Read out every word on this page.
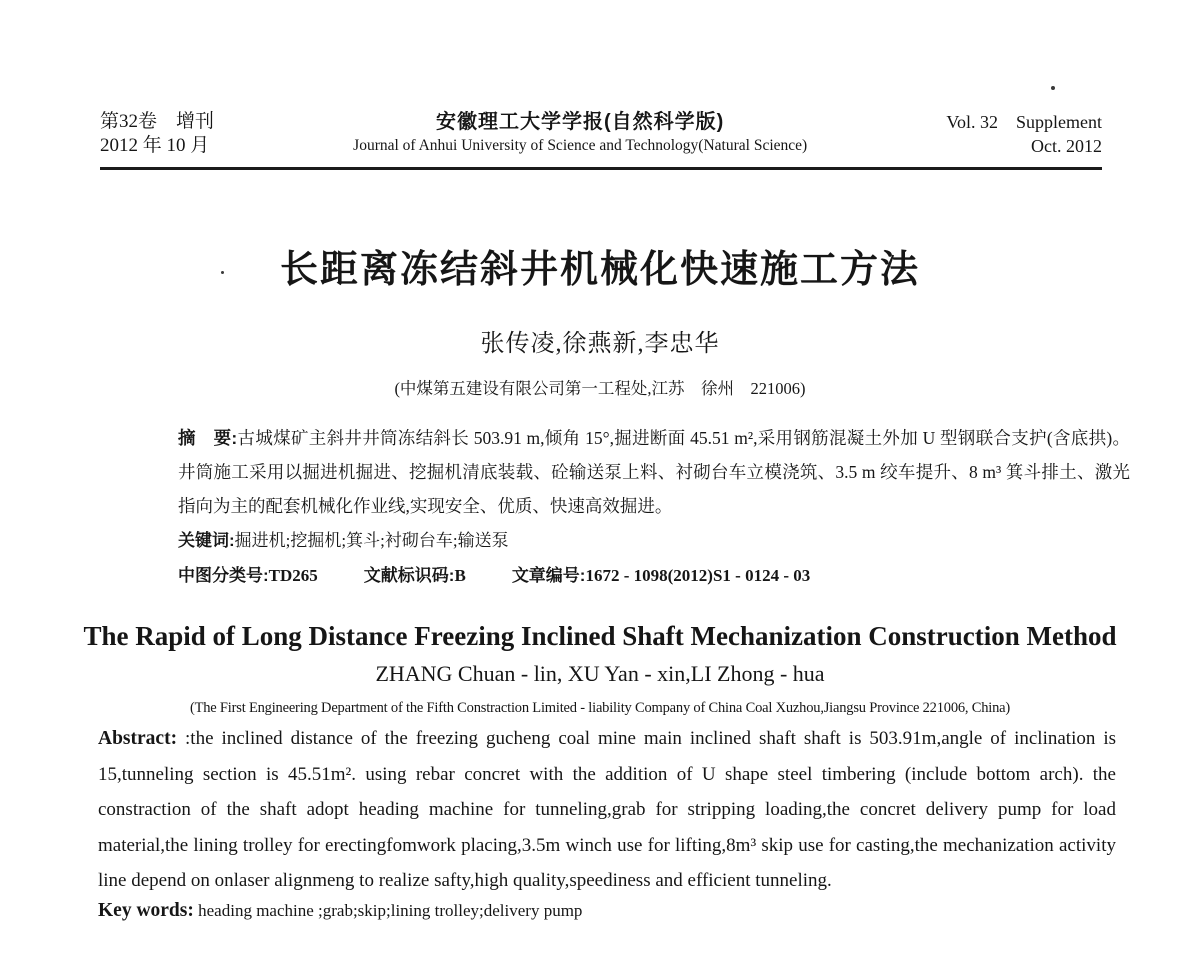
第32卷　增刊
2012 年 10 月
安徽理工大学学报(自然科学版)
Journal of Anhui University of Science and Technology(Natural Science)
Vol. 32　Supplement
Oct. 2012
长距离冻结斜井机械化快速施工方法
张传凌,徐燕新,李忠华
(中煤第五建设有限公司第一工程处,江苏　徐州　221006)

摘　要:古城煤矿主斜井井筒冻结斜长 503.91 m,倾角 15°,掘进断面 45.51 m²,采用钢筋混凝土外加 U 型钢联合支护(含底拱)。井筒施工采用以掘进机掘进、挖掘机清底装载、砼输送泵上料、衬砌台车立模浇筑、3.5 m 绞车提升、8 m³ 箕斗排土、激光指向为主的配套机械化作业线,实现安全、优质、快速高效掘进。

关键词:掘进机;挖掘机;箕斗;衬砌台车;输送泵

中图分类号:TD265	文献标识码:B	文章编号:1672 - 1098(2012)S1 - 0124 - 03

The Rapid of Long Distance Freezing Inclined Shaft Mechanization Construction Method
ZHANG Chuan - lin, XU Yan - xin,LI Zhong - hua
(The First Engineering Department of the Fifth Constraction Limited - liability Company of China Coal Xuzhou,Jiangsu Province 221006, China)

Abstract: :the inclined distance of the freezing gucheng coal mine main inclined shaft shaft is 503.91m,angle of inclination is 15,tunneling section is 45.51m². using rebar concret with the addition of U shape steel timbering (include bottom arch). the constraction of the shaft adopt heading machine for tunneling,grab for stripping loading,the concret delivery pump for load material,the lining trolley for erectingfomwork placing,3.5m winch use for lifting,8m³ skip use for casting,the mechanization activity line depend on onlaser alignmeng to realize safty,high quality,speediness and efficient tunneling.

Key words: heading machine ;grab;skip;lining trolley;delivery pump
